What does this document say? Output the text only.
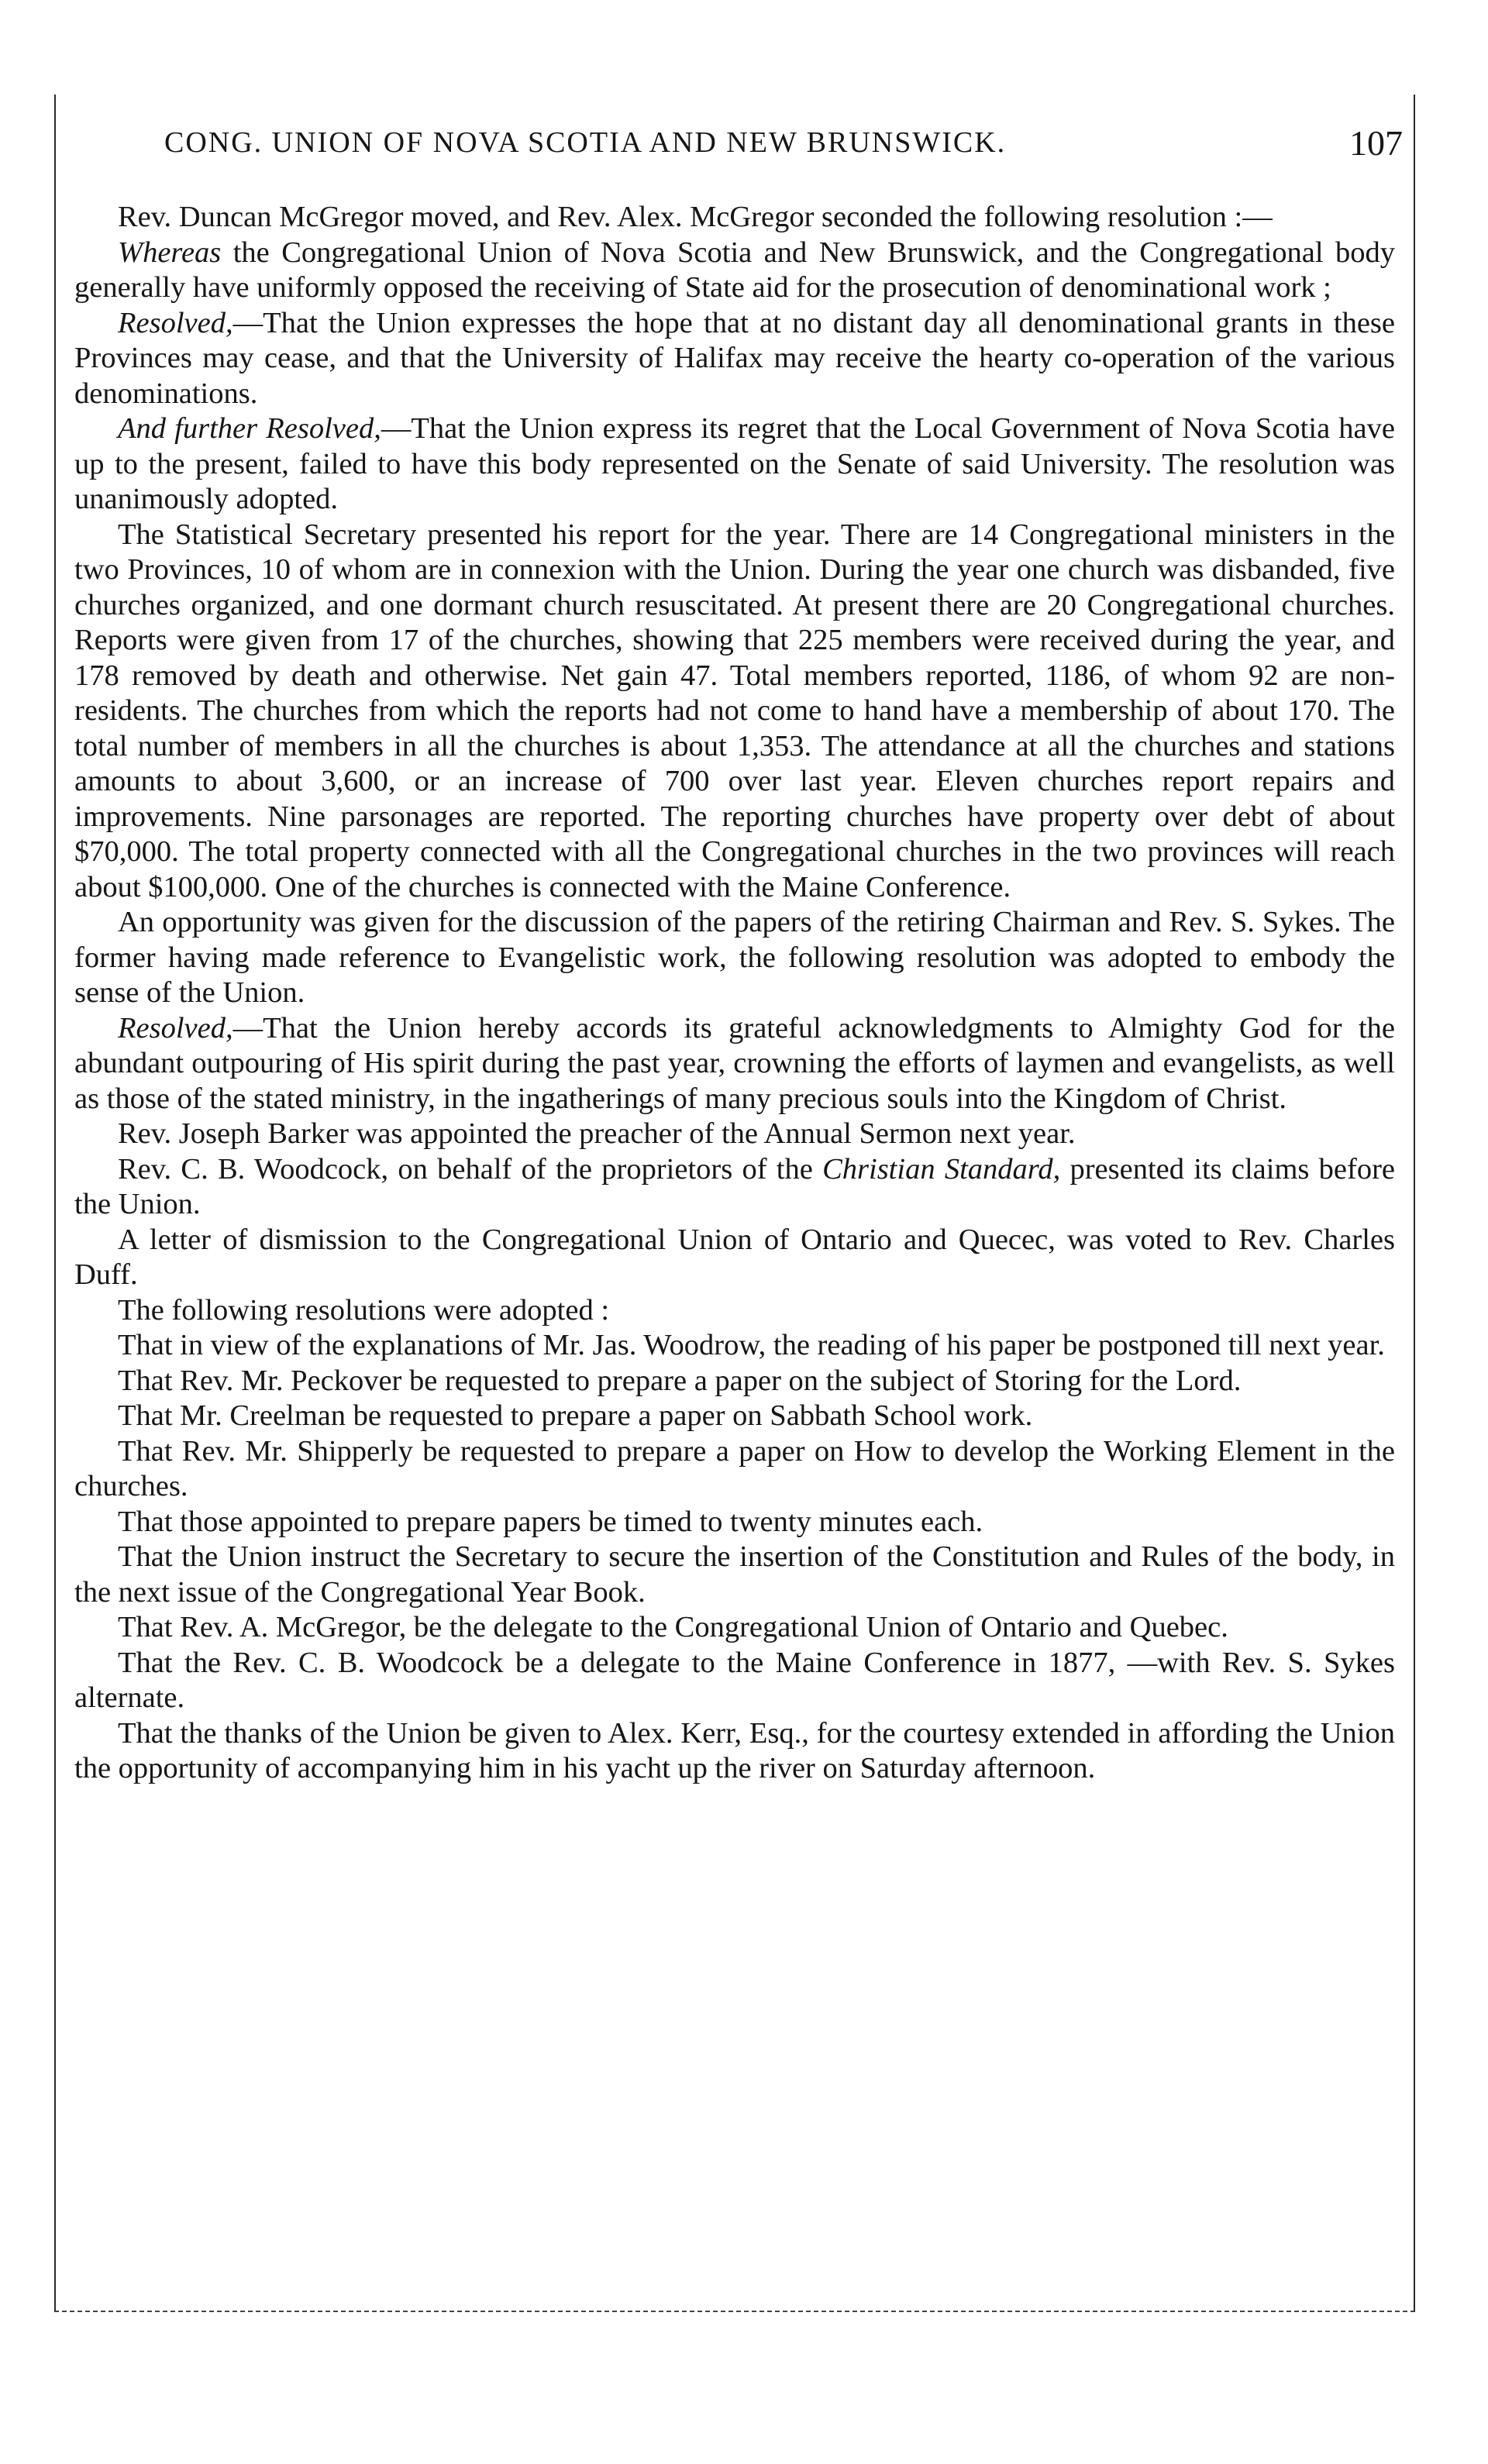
CONG. UNION OF NOVA SCOTIA AND NEW BRUNSWICK.	107

Rev. Duncan McGregor moved, and Rev. Alex. McGregor seconded the following resolution :—

Whereas the Congregational Union of Nova Scotia and New Brunswick, and the Congregational body generally have uniformly opposed the receiving of State aid for the prosecution of denominational work ;

Resolved,—That the Union expresses the hope that at no distant day all denominational grants in these Provinces may cease, and that the University of Halifax may receive the hearty co-operation of the various denominations.

And further Resolved,—That the Union express its regret that the Local Government of Nova Scotia have up to the present, failed to have this body represented on the Senate of said University. The resolution was unanimously adopted.

The Statistical Secretary presented his report for the year. There are 14 Congregational ministers in the two Provinces, 10 of whom are in connexion with the Union. During the year one church was disbanded, five churches organized, and one dormant church resuscitated. At present there are 20 Congregational churches. Reports were given from 17 of the churches, showing that 225 members were received during the year, and 178 removed by death and otherwise. Net gain 47. Total members reported, 1186, of whom 92 are non-residents. The churches from which the reports had not come to hand have a membership of about 170. The total number of members in all the churches is about 1,353. The attendance at all the churches and stations amounts to about 3,600, or an increase of 700 over last year. Eleven churches report repairs and improvements. Nine parsonages are reported. The reporting churches have property over debt of about $70,000. The total property connected with all the Congregational churches in the two provinces will reach about $100,000. One of the churches is connected with the Maine Conference.

An opportunity was given for the discussion of the papers of the retiring Chairman and Rev. S. Sykes. The former having made reference to Evangelistic work, the following resolution was adopted to embody the sense of the Union.

Resolved,—That the Union hereby accords its grateful acknowledgments to Almighty God for the abundant outpouring of His spirit during the past year, crowning the efforts of laymen and evangelists, as well as those of the stated ministry, in the ingatherings of many precious souls into the Kingdom of Christ.

Rev. Joseph Barker was appointed the preacher of the Annual Sermon next year.

Rev. C. B. Woodcock, on behalf of the proprietors of the Christian Standard, presented its claims before the Union.

A letter of dismission to the Congregational Union of Ontario and Quecec, was voted to Rev. Charles Duff.

The following resolutions were adopted :

That in view of the explanations of Mr. Jas. Woodrow, the reading of his paper be postponed till next year.

That Rev. Mr. Peckover be requested to prepare a paper on the subject of Storing for the Lord.

That Mr. Creelman be requested to prepare a paper on Sabbath School work.

That Rev. Mr. Shipperly be requested to prepare a paper on How to develop the Working Element in the churches.

That those appointed to prepare papers be timed to twenty minutes each.

That the Union instruct the Secretary to secure the insertion of the Constitution and Rules of the body, in the next issue of the Congregational Year Book.

That Rev. A. McGregor, be the delegate to the Congregational Union of Ontario and Quebec.

That the Rev. C. B. Woodcock be a delegate to the Maine Conference in 1877, —with Rev. S. Sykes alternate.

That the thanks of the Union be given to Alex. Kerr, Esq., for the courtesy extended in affording the Union the opportunity of accompanying him in his yacht up the river on Saturday afternoon.
